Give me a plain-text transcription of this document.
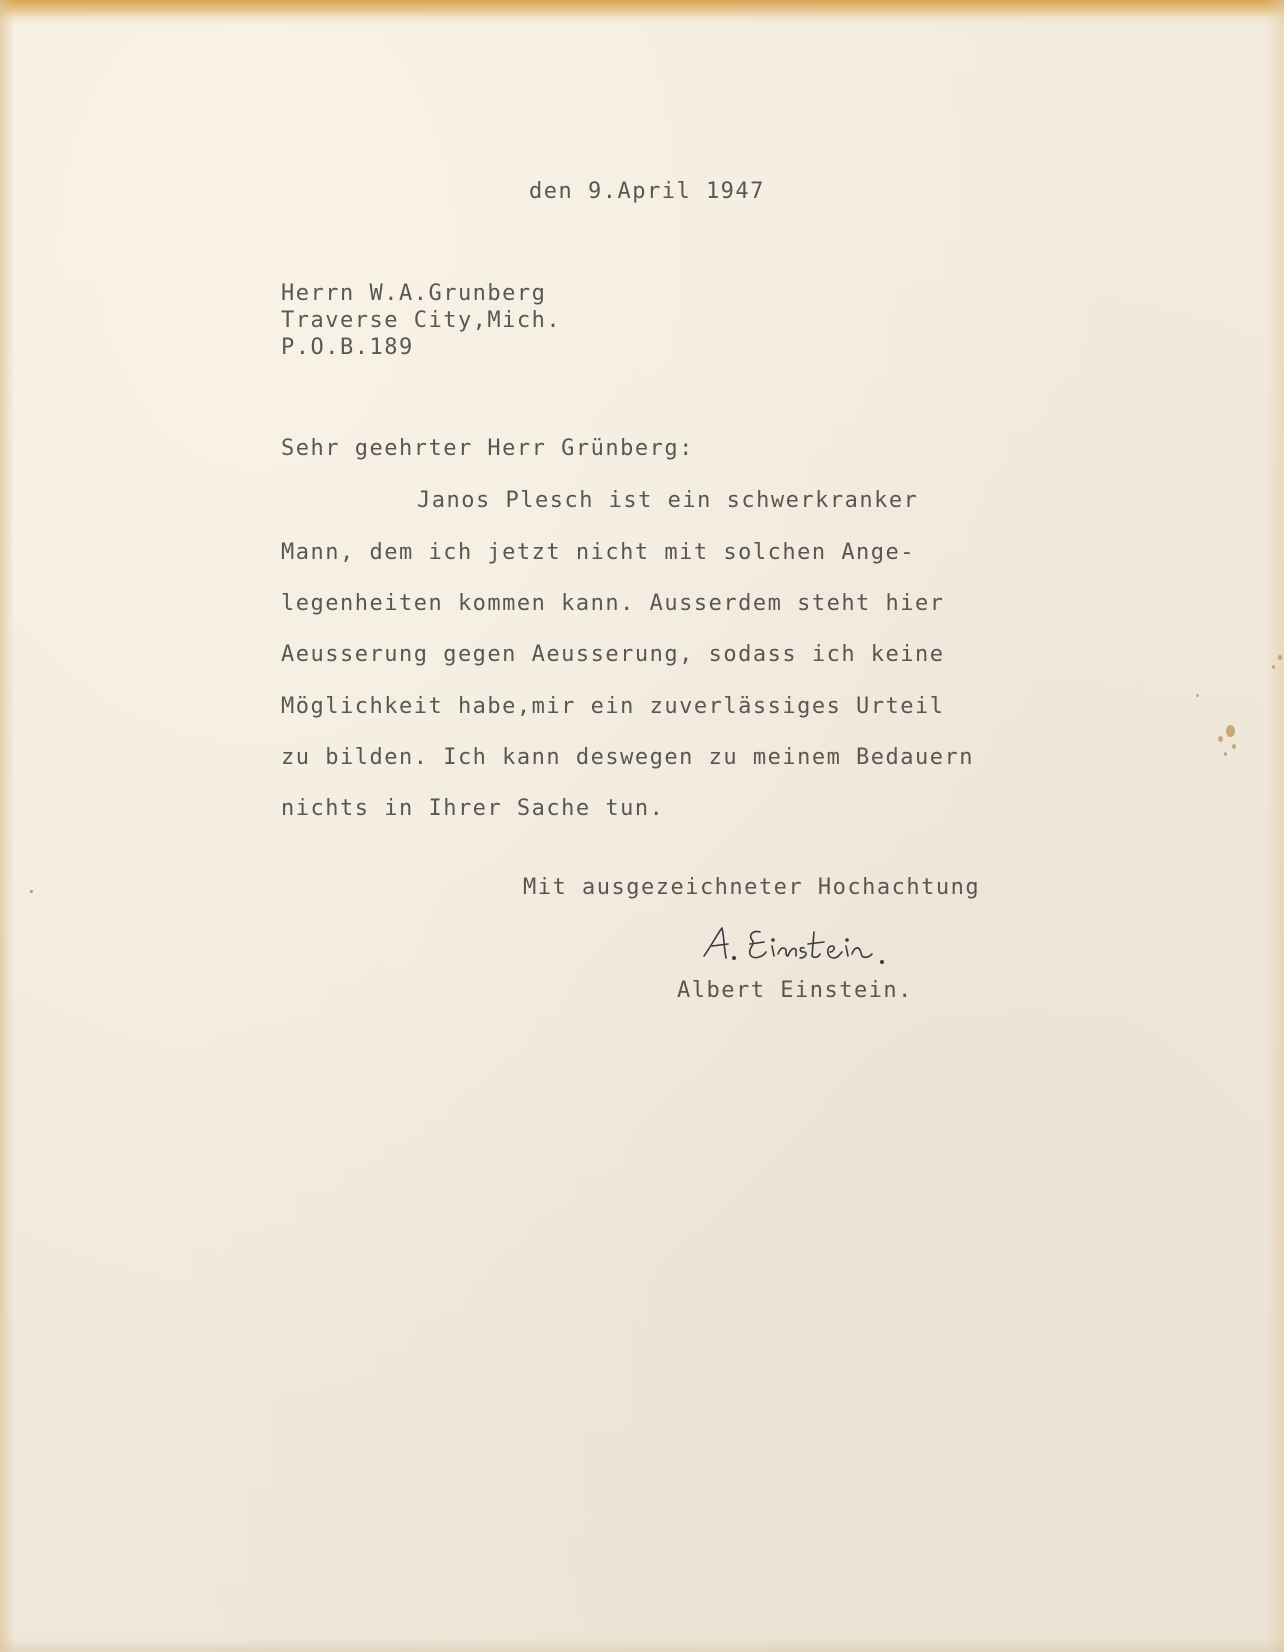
den 9.April 1947
Herrn W.A.Grunberg
Traverse City,Mich.
P.O.B.189
Sehr geehrter Herr Grünberg:
Janos Plesch ist ein schwerkranker
Mann, dem ich jetzt nicht mit solchen Ange-
legenheiten kommen kann. Ausserdem steht hier
Aeusserung gegen Aeusserung, sodass ich keine
Möglichkeit habe,mir ein zuverlässiges Urteil
zu bilden. Ich kann deswegen zu meinem Bedauern
nichts in Ihrer Sache tun.
Mit ausgezeichneter Hochachtung
Albert Einstein.
